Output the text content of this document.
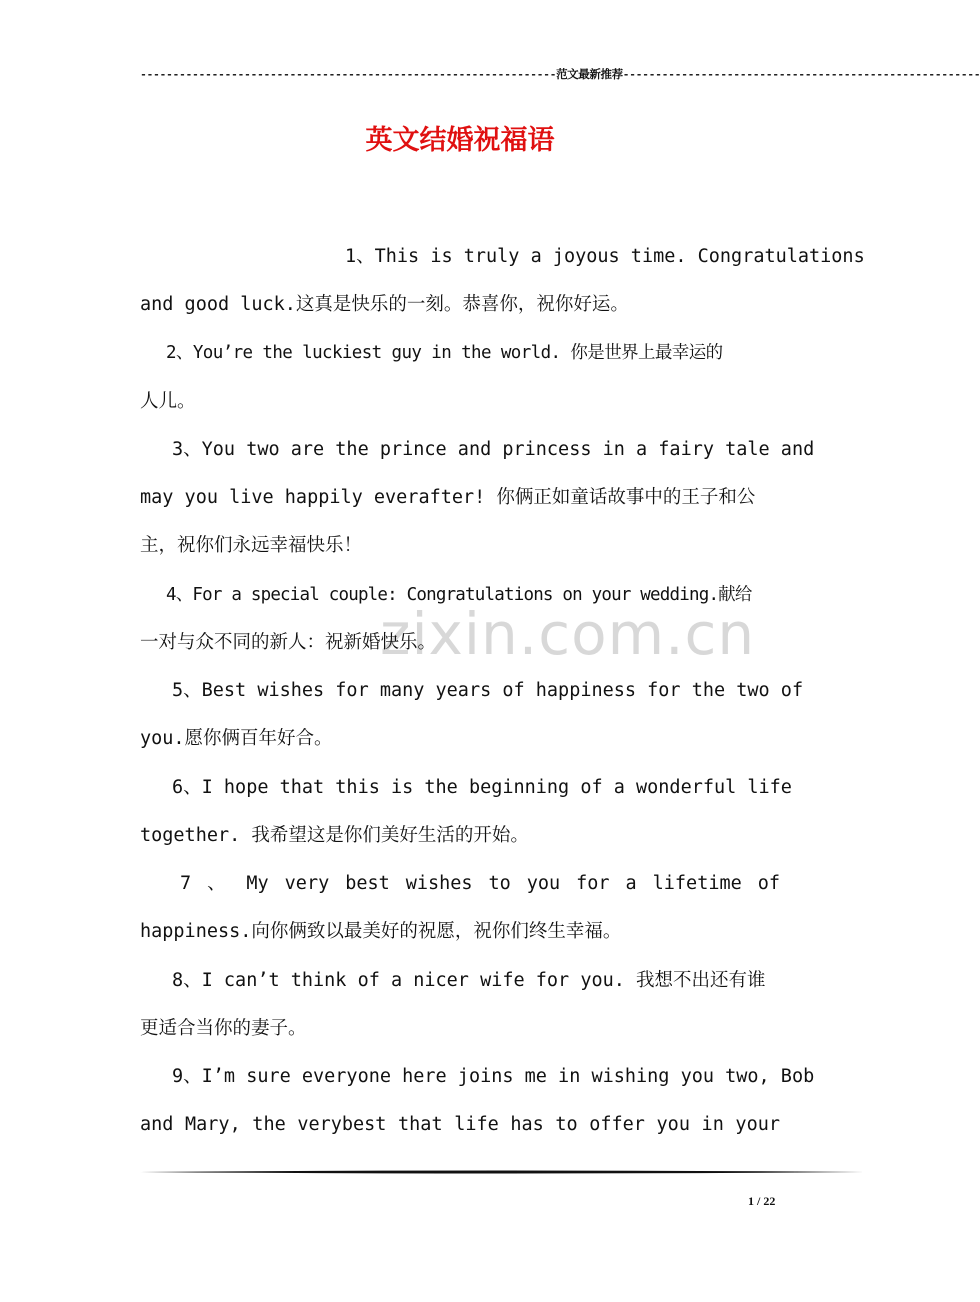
----------------------------------------------------------------范文最新推荐-------------------------------------------------------
英文结婚祝福语
zixin.com.cn
1、This is truly a joyous time. Congratulations
and good luck.这真是快乐的一刻。恭喜你，祝你好运。
2、You’re the luckiest guy in the world. 你是世界上最幸运的
人儿。
3、You two are the prince and princess in a fairy tale and
may you live happily everafter! 你俩正如童话故事中的王子和公
主，祝你们永远幸福快乐！
4、For a special couple: Congratulations on your wedding.献给
一对与众不同的新人：祝新婚快乐。
5、Best wishes for many years of happiness for the two of
you.愿你俩百年好合。
6、I hope that this is the beginning of a wonderful life
together. 我希望这是你们美好生活的开始。
7 、 My very best wishes to you for a lifetime of
happiness.向你俩致以最美好的祝愿，祝你们终生幸福。
8、I can’t think of a nicer wife for you. 我想不出还有谁
更适合当你的妻子。
9、I’m sure everyone here joins me in wishing you two, Bob
and Mary, the verybest that life has to offer you in your
1 / 22
